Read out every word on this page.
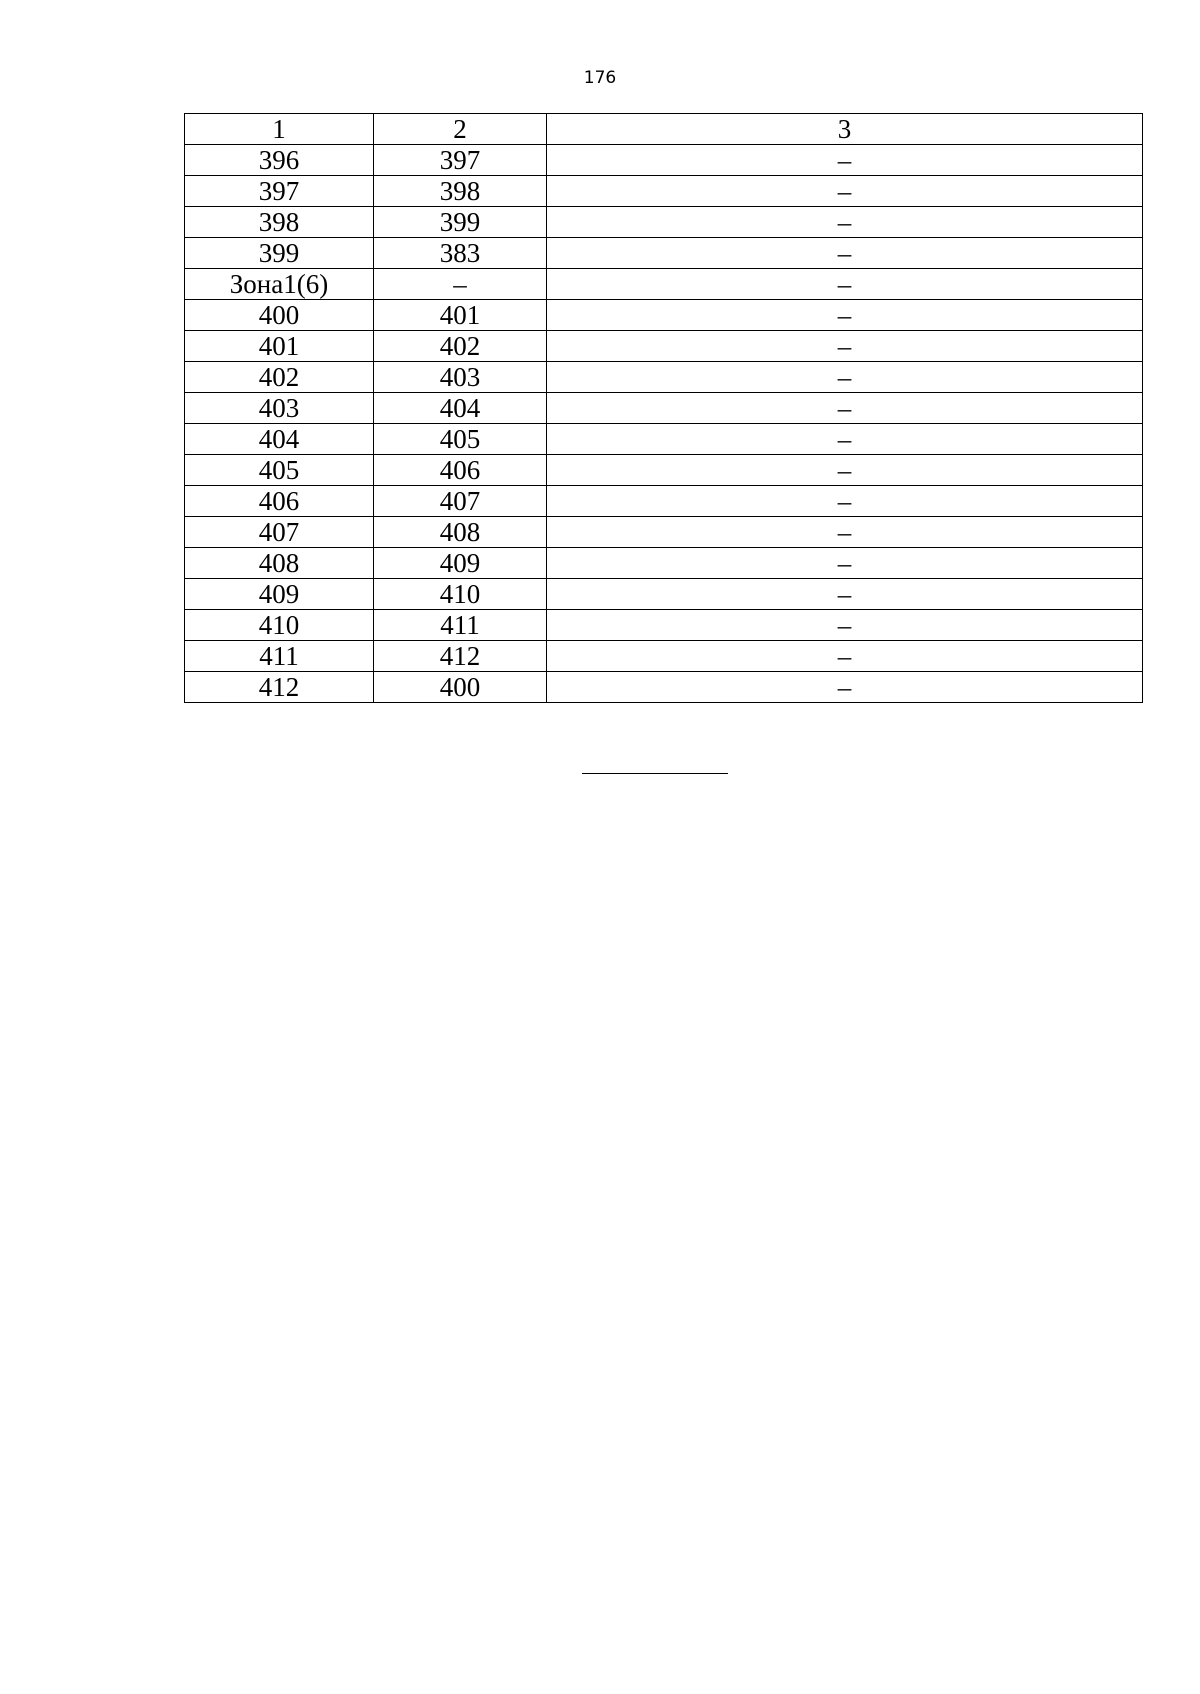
176
1	2	3
396	397	–
397	398	–
398	399	–
399	383	–
Зона1(6)	–	–
400	401	–
401	402	–
402	403	–
403	404	–
404	405	–
405	406	–
406	407	–
407	408	–
408	409	–
409	410	–
410	411	–
411	412	–
412	400	–
